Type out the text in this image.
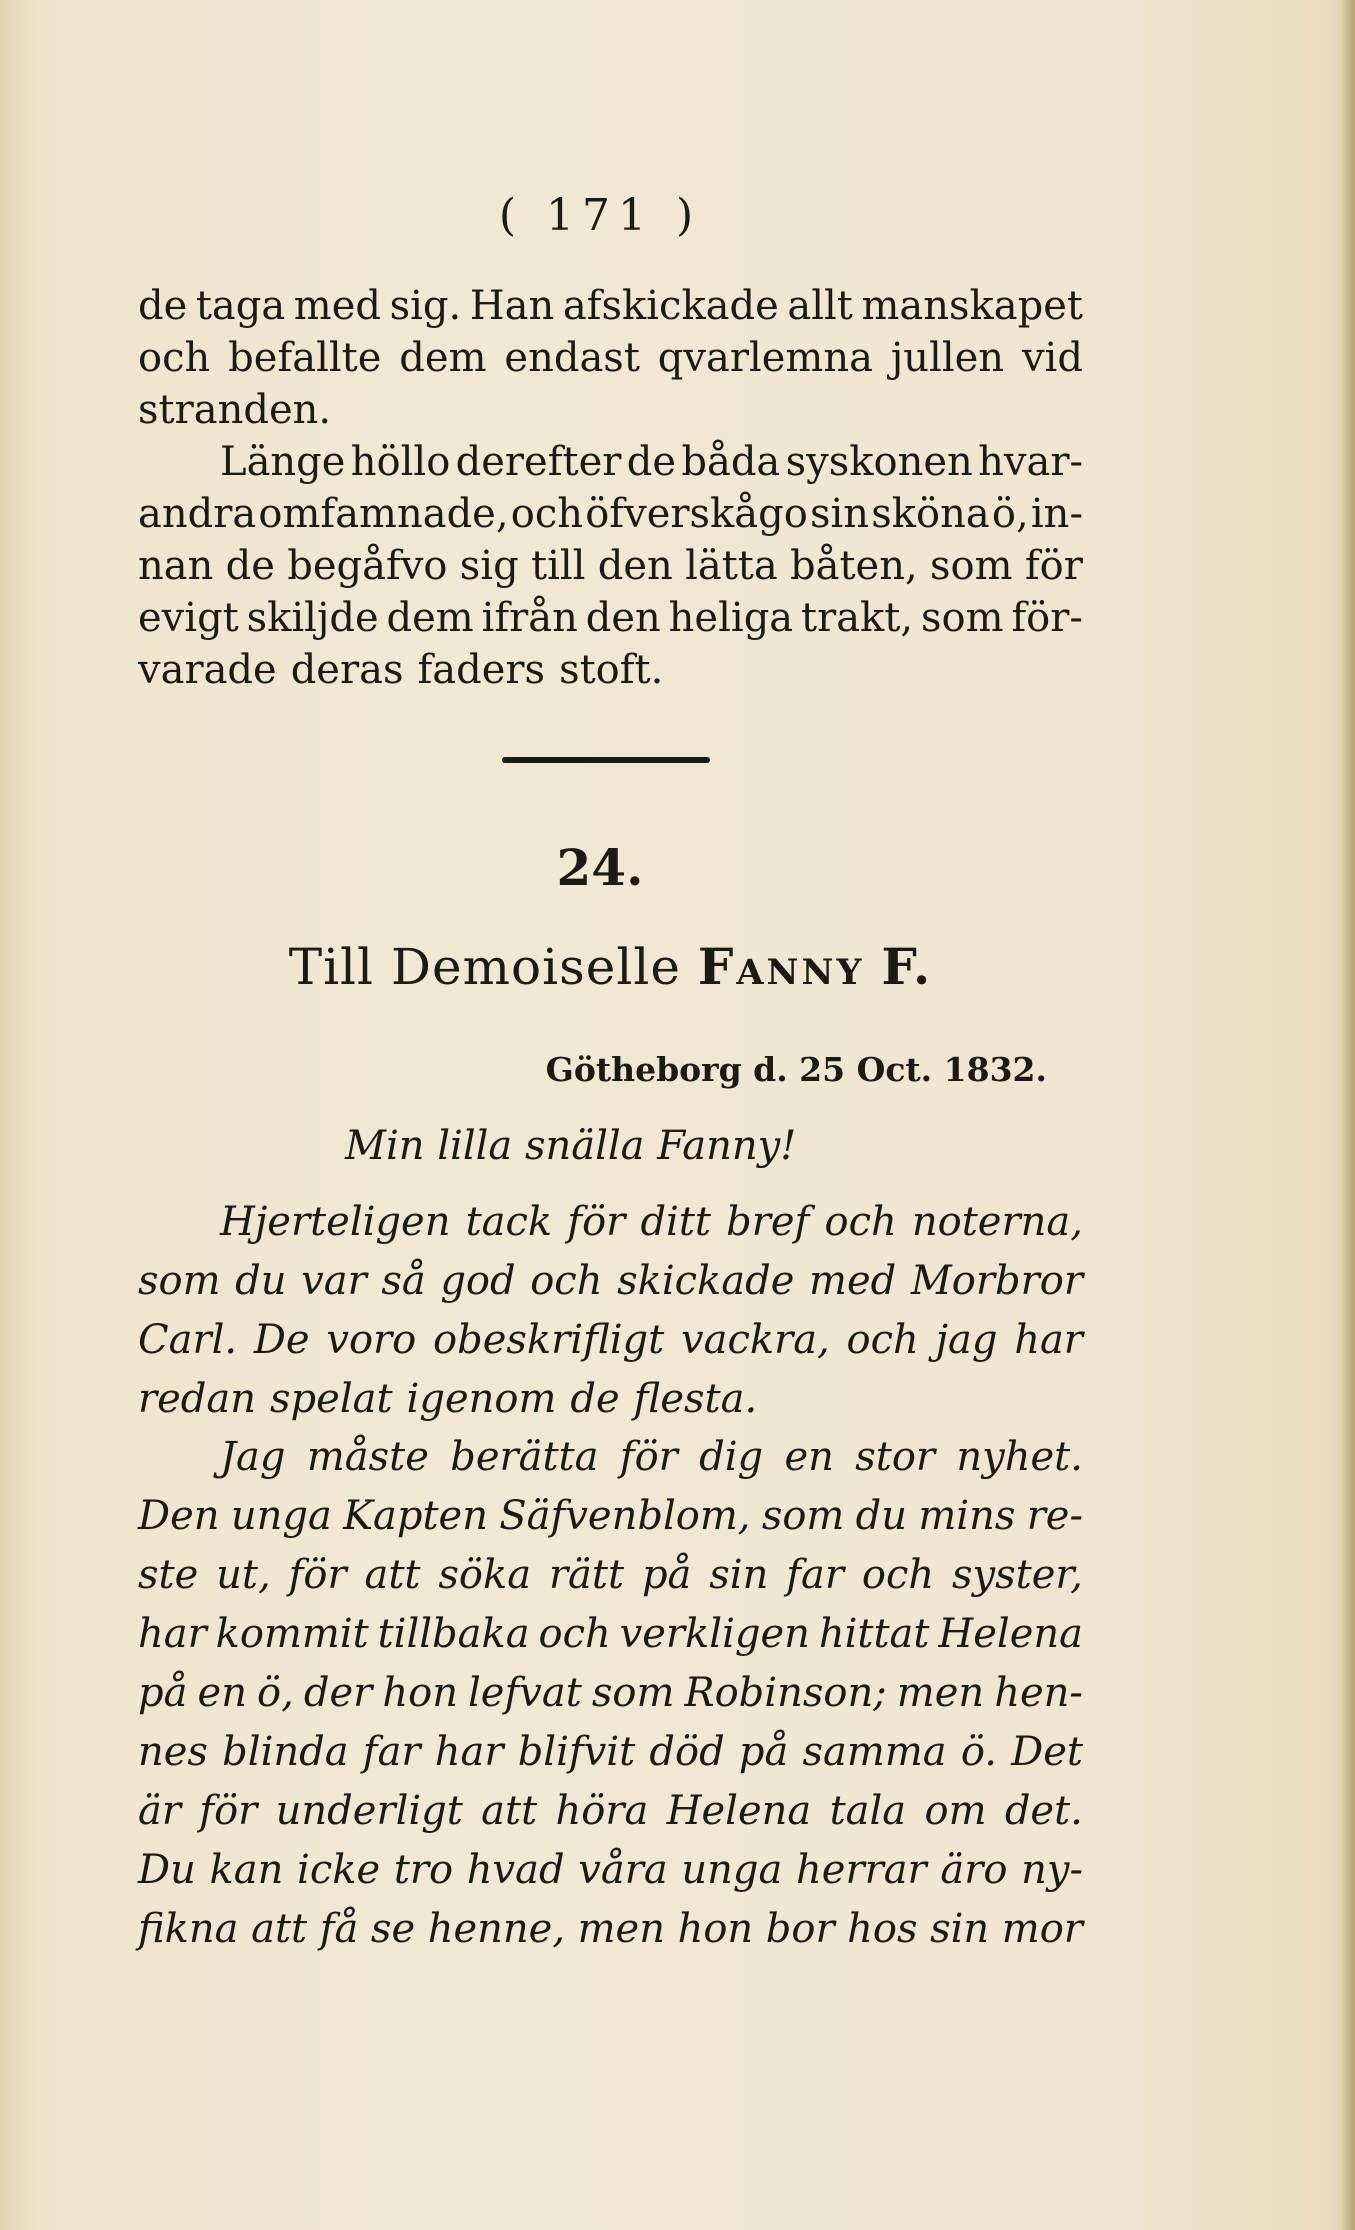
( 171 )
de taga med sig. Han afskickade allt manskapet
och befallte dem endast qvarlemna jullen vid
stranden.
Länge höllo derefter de båda syskonen hvar-
andra omfamnade, och öfverskågo sin sköna ö, in-
nan de begåfvo sig till den lätta båten, som för
evigt skiljde dem ifrån den heliga trakt, som för-
varade deras faders stoft.
24.
Till Demoiselle Fanny F.
Götheborg d. 25 Oct. 1832.
Min lilla snälla Fanny!
Hjerteligen tack för ditt bref och noterna,
som du var så god och skickade med Morbror
Carl. De voro obeskrifligt vackra, och jag har
redan spelat igenom de flesta.
Jag måste berätta för dig en stor nyhet.
Den unga Kapten Säfvenblom, som du mins re-
ste ut, för att söka rätt på sin far och syster,
har kommit tillbaka och verkligen hittat Helena
på en ö, der hon lefvat som Robinson; men hen-
nes blinda far har blifvit död på samma ö. Det
är för underligt att höra Helena tala om det.
Du kan icke tro hvad våra unga herrar äro ny-
fikna att få se henne, men hon bor hos sin mor
